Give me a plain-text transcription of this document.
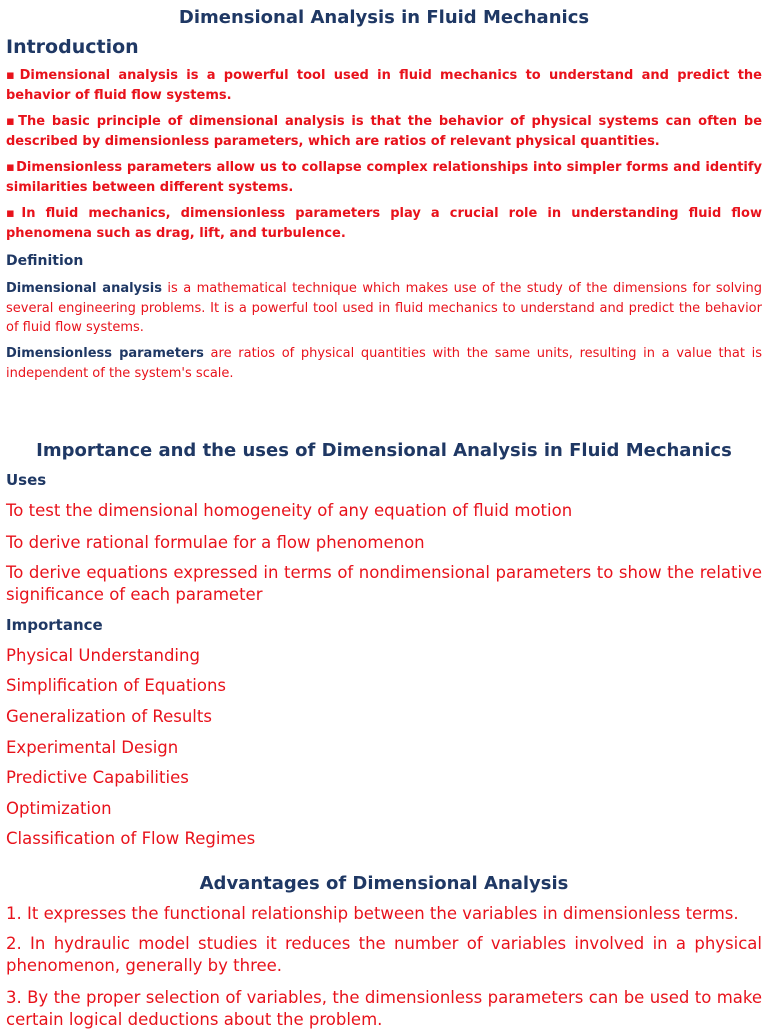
Dimensional Analysis in Fluid Mechanics
Introduction
▪Dimensional analysis is a powerful tool used in fluid mechanics to understand and predict the behavior of fluid flow systems.
▪The basic principle of dimensional analysis is that the behavior of physical systems can often be described by dimensionless parameters, which are ratios of relevant physical quantities.
▪Dimensionless parameters allow us to collapse complex relationships into simpler forms and identify similarities between different systems.
▪In fluid mechanics, dimensionless parameters play a crucial role in understanding fluid flow phenomena such as drag, lift, and turbulence.
Definition

Dimensional analysis is a mathematical technique which makes use of the study of the dimensions for solving several engineering problems. It is a powerful tool used in fluid mechanics to understand and predict the behavior of fluid flow systems.

Dimensionless parameters are ratios of physical quantities with the same units, resulting in a value that is independent of the system's scale.

Importance and the uses of Dimensional Analysis in Fluid Mechanics
Uses
To test the dimensional homogeneity of any equation of fluid motion
To derive rational formulae for a flow phenomenon
To derive equations expressed in terms of nondimensional parameters to show the relative significance of each parameter
Importance
Physical Understanding
Simplification of Equations
Generalization of Results
Experimental Design
Predictive Capabilities
Optimization
Classification of Flow Regimes
Advantages of Dimensional Analysis
1. It expresses the functional relationship between the variables in dimensionless terms.
2. In hydraulic model studies it reduces the number of variables involved in a physical phenomenon, generally by three.
3. By the proper selection of variables, the dimensionless parameters can be used to make certain logical deductions about the problem.
